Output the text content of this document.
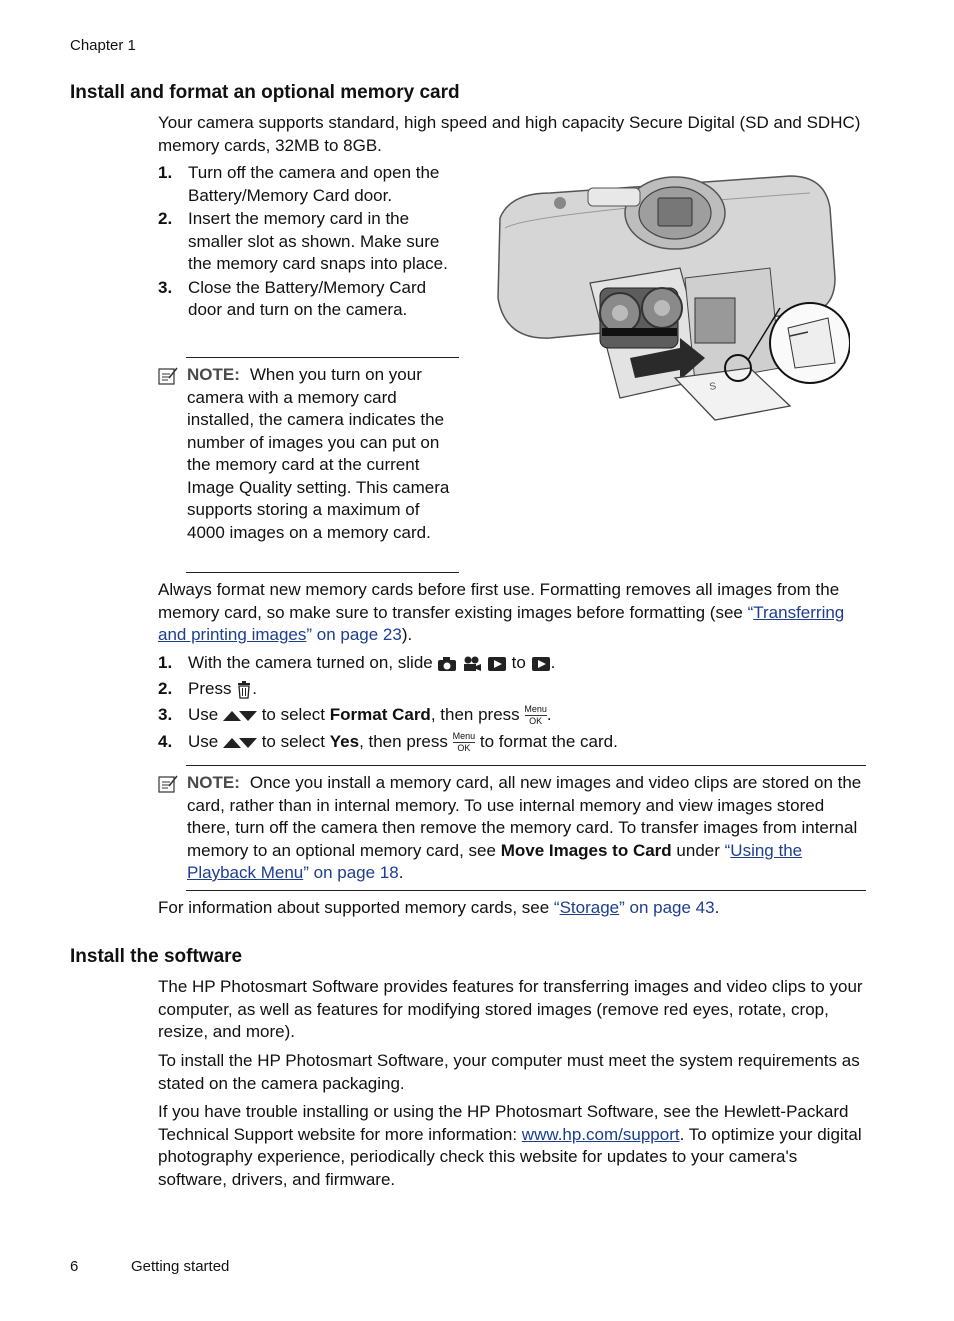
Chapter 1
Install and format an optional memory card
Your camera supports standard, high speed and high capacity Secure Digital (SD and SDHC) memory cards, 32MB to 8GB.
1. Turn off the camera and open the Battery/Memory Card door.
2. Insert the memory card in the smaller slot as shown. Make sure the memory card snaps into place.
3. Close the Battery/Memory Card door and turn on the camera.
S
NOTE: When you turn on your camera with a memory card installed, the camera indicates the number of images you can put on the memory card at the current Image Quality setting. This camera supports storing a maximum of 4000 images on a memory card.
Always format new memory cards before first use. Formatting removes all images from the memory card, so make sure to transfer existing images before formatting (see “Transferring and printing images” on page 23).
1. With the camera turned on, slide	to .
2. Press .
3. Use	to select Format Card, then press Menu
OK .
4. Use	to select Yes, then press Menu
OK to format the card.
NOTE: Once you install a memory card, all new images and video clips are stored on the card, rather than in internal memory. To use internal memory and view images stored there, turn off the camera then remove the memory card. To transfer images from internal memory to an optional memory card, see Move Images to Card under “Using the Playback Menu” on page 18.
For information about supported memory cards, see “Storage” on page 43.
Install the software
The HP Photosmart Software provides features for transferring images and video clips to your computer, as well as features for modifying stored images (remove red eyes, rotate, crop, resize, and more).
To install the HP Photosmart Software, your computer must meet the system requirements as stated on the camera packaging.
If you have trouble installing or using the HP Photosmart Software, see the Hewlett-Packard Technical Support website for more information: www.hp.com/support. To optimize your digital photography experience, periodically check this website for updates to your camera's software, drivers, and firmware.
6	Getting started
